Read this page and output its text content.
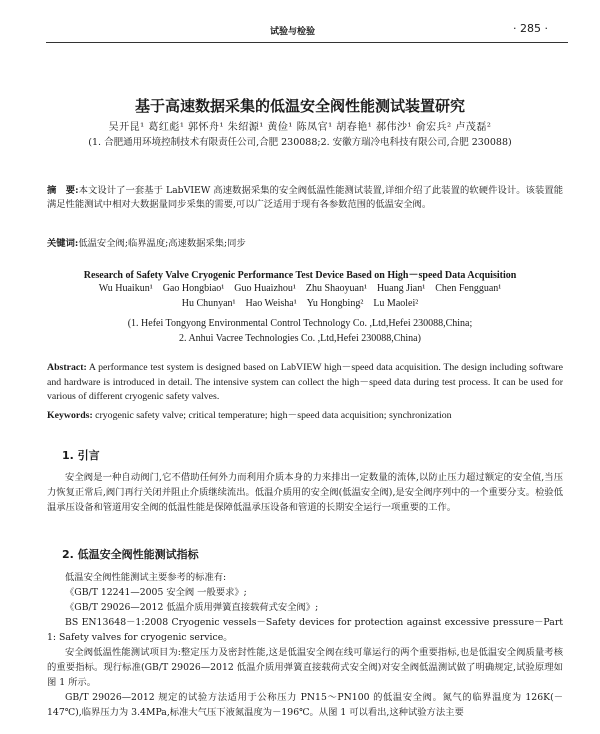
试验与检验	· 285 ·
基于高速数据采集的低温安全阀性能测试装置研究
吴开昆¹ 葛红彪¹ 郭怀舟¹ 朱绍源¹ 黄俭¹ 陈凤官¹ 胡春艳¹ 郝伟沙¹ 俞宏兵² 卢茂磊²
(1. 合肥通用环境控制技术有限责任公司,合肥 230088;2. 安徽方瑞冷电科技有限公司,合肥 230088)
摘　要:本文设计了一套基于 LabVIEW 高速数据采集的安全阀低温性能测试装置,详细介绍了此装置的软硬件设计。该装置能满足性能测试中相对大数据量同步采集的需要,可以广泛适用于现有各参数范围的低温安全阀。
关键词:低温安全阀;临界温度;高速数据采集;同步
Research of Safety Valve Cryogenic Performance Test Device Based on High－speed Data Acquisition
Wu Huaikun¹　Gao Hongbiao¹　Guo Huaizhou¹　Zhu Shaoyuan¹　Huang Jian¹　Chen Fengguan¹
Hu Chunyan¹　Hao Weisha¹　Yu Hongbing²　Lu Maolei²
(1. Hefei Tongyong Environmental Control Technology Co. ,Ltd,Hefei 230088,China;
2. Anhui Vacree Technologies Co. ,Ltd,Hefei 230088,China)
Abstract: A performance test system is designed based on LabVIEW high－speed data acquisition. The design including software and hardware is introduced in detail. The intensive system can collect the high－speed data during test process. It can be used for various of different cryogenic safety valves.
Keywords: cryogenic safety valve; critical temperature; high－speed data acquisition; synchronization
1. 引言
安全阀是一种自动阀门,它不借助任何外力而利用介质本身的力来排出一定数量的流体,以防止压力超过额定的安全值,当压力恢复正常后,阀门再行关闭并阻止介质继续流出。低温介质用的安全阀(低温安全阀),是安全阀序列中的一个重要分支。检验低温承压设备和管道用安全阀的低温性能是保障低温承压设备和管道的长期安全运行一项重要的工作。
2. 低温安全阀性能测试指标
低温安全阀性能测试主要参考的标准有:
《GB/T 12241—2005 安全阀 一般要求》;
《GB/T 29026—2012 低温介质用弹簧直接载荷式安全阀》;
BS EN13648－1:2008 Cryogenic vessels－Safety devices for protection against excessive pressure－Part 1: Safety valves for cryogenic service。
安全阀低温性能测试项目为:整定压力及密封性能,这是低温安全阀在线可靠运行的两个重要指标,也是低温安全阀质量考核的重要指标。现行标准(GB/T 29026—2012 低温介质用弹簧直接载荷式安全阀)对安全阀低温测试做了明确规定,试验原理如图 1 所示。
GB/T 29026—2012 规定的试验方法适用于公称压力 PN15～PN100 的低温安全阀。氮气的临界温度为 126K(－147℃),临界压力为 3.4MPa,标准大气压下液氮温度为－196℃。从图 1 可以看出,这种试验方法主要
